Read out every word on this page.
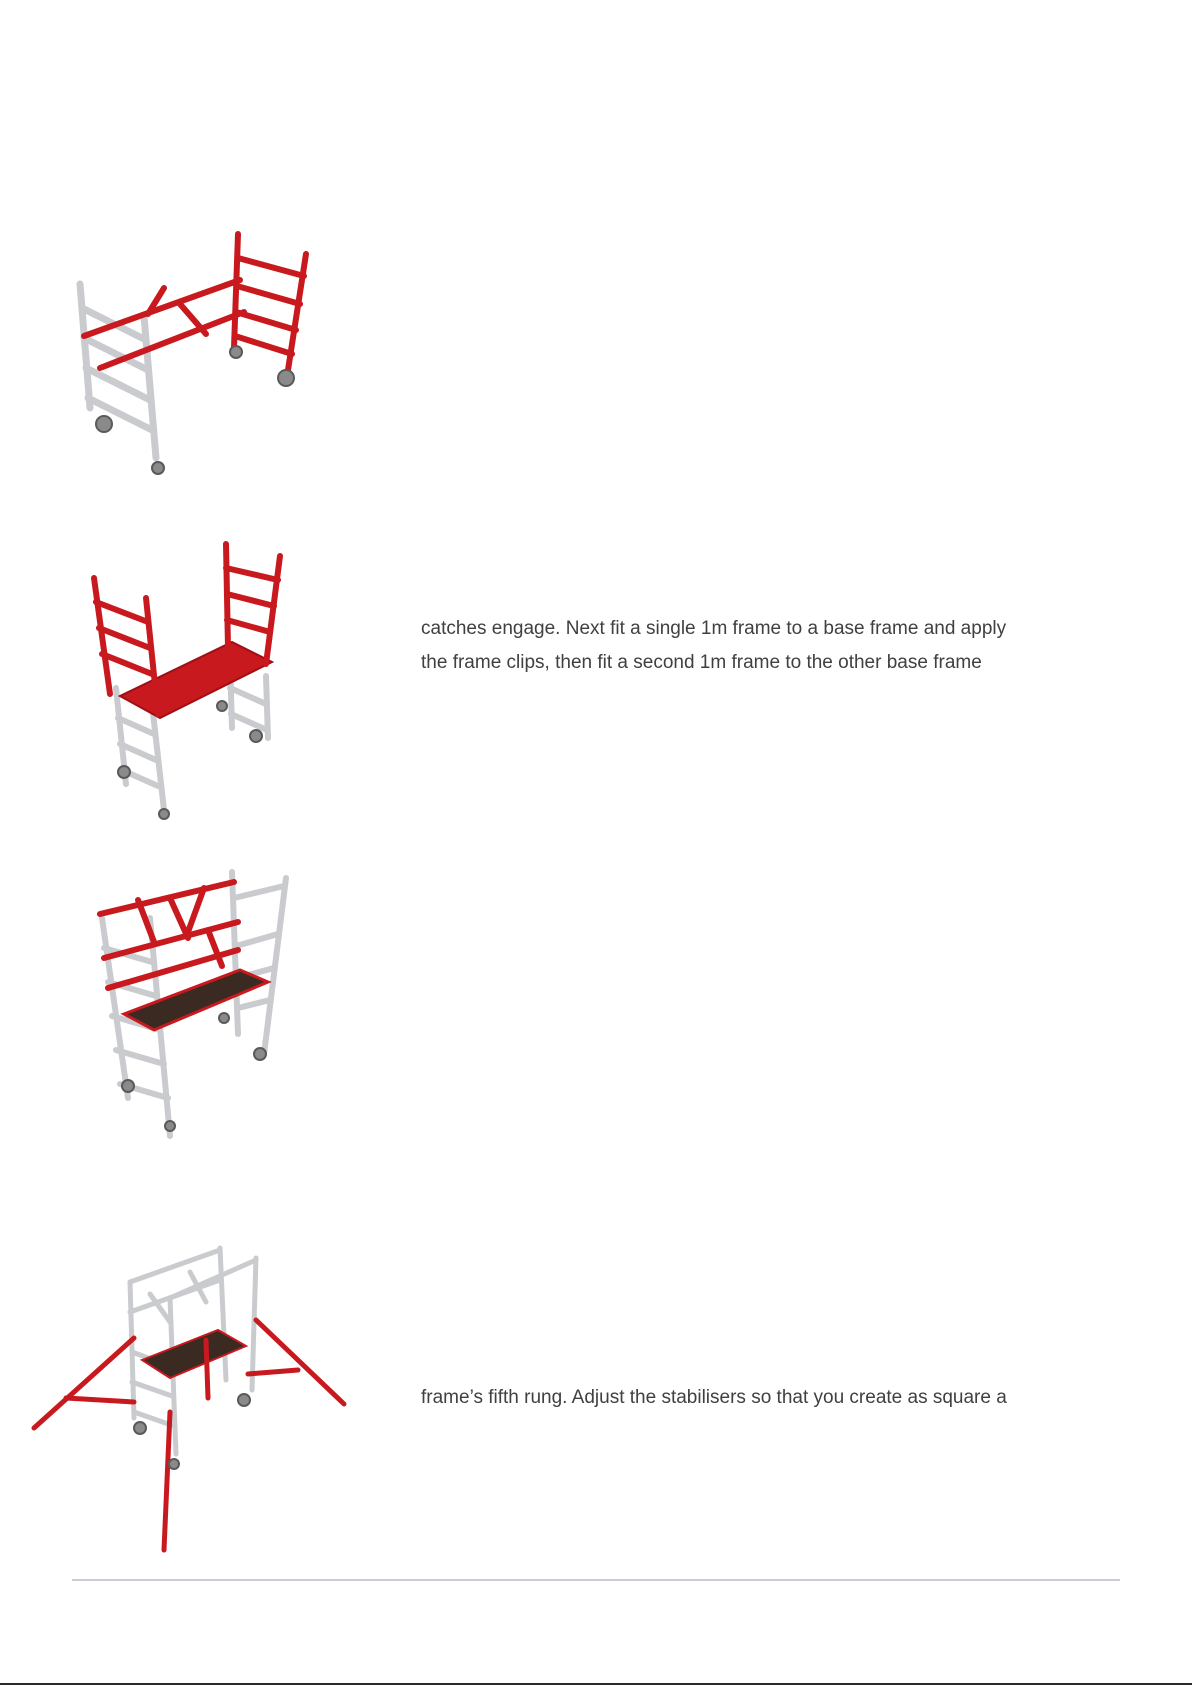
catches engage. Next fit a single 1m frame to a base frame and apply
the frame clips, then fit a second 1m frame to the other base frame
frame’s fifth rung. Adjust the stabilisers so that you create as square a
